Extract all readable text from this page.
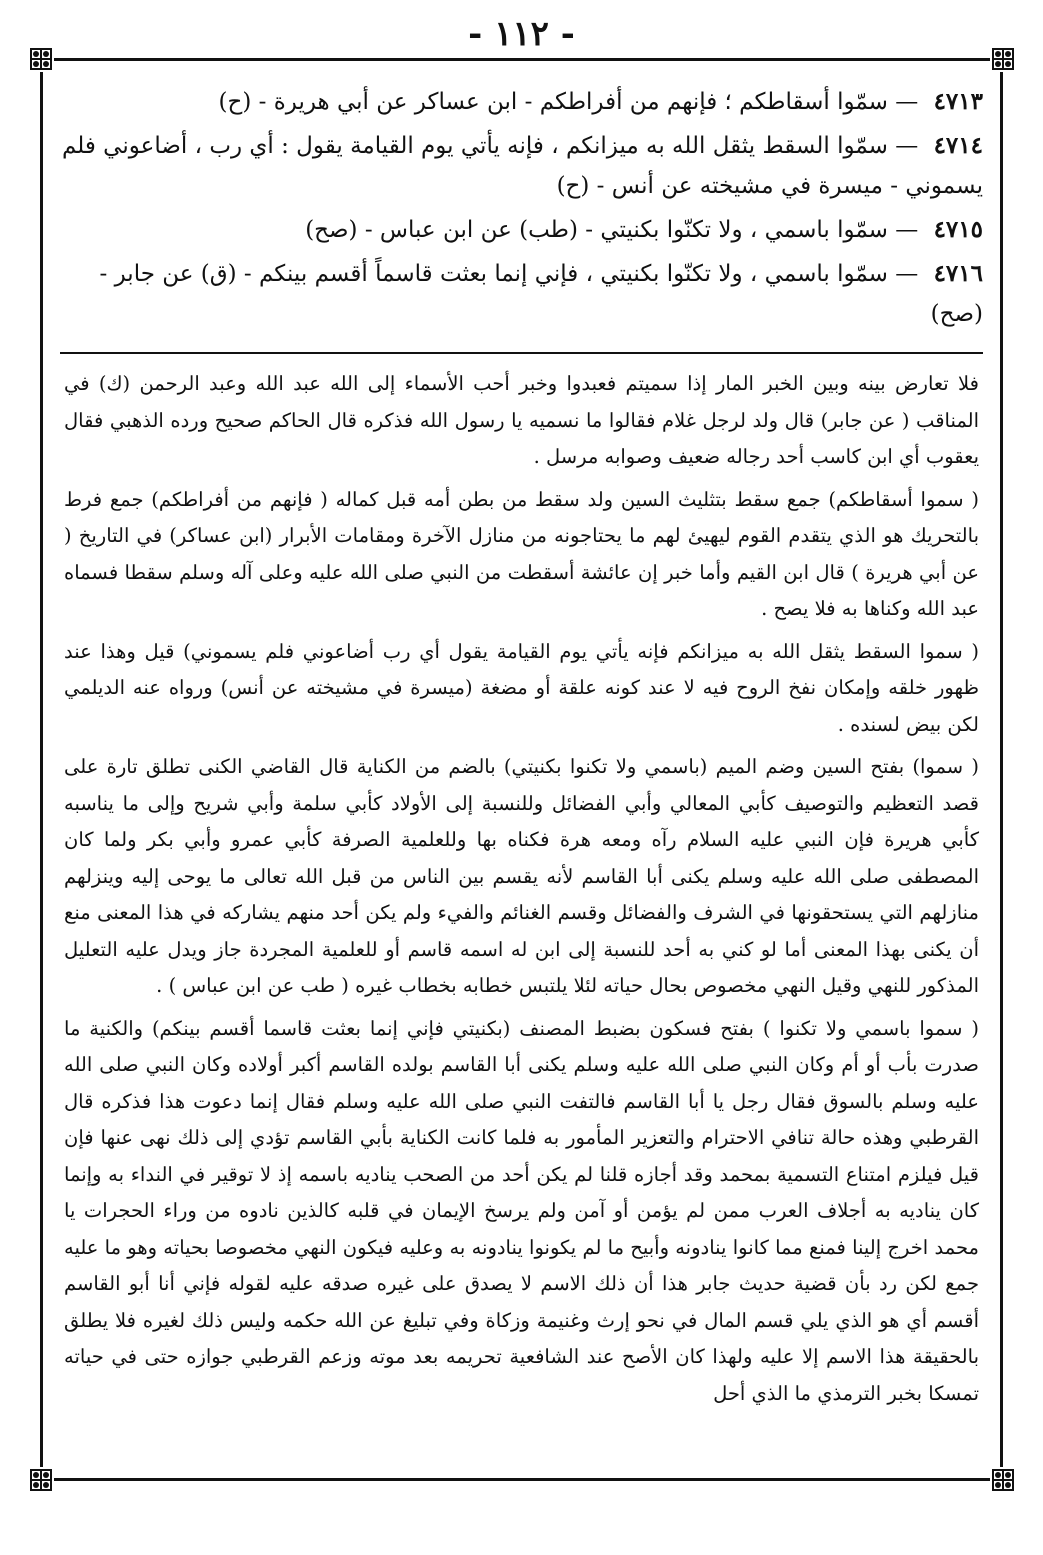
- ١١٢ -

٤٧١٣ — سمّوا أسقاطكم ؛ فإنهم من أفراطكم - ابن عساكر عن أبي هريرة - (ح)

٤٧١٤ — سمّوا السقط يثقل الله به ميزانكم ، فإنه يأتي يوم القيامة يقول : أي رب ، أضاعوني فلم يسموني - ميسرة في مشيخته عن أنس - (ح)

٤٧١٥ — سمّوا باسمي ، ولا تكنّوا بكنيتي - (طب) عن ابن عباس - (صح)

٤٧١٦ — سمّوا باسمي ، ولا تكنّوا بكنيتي ، فإني إنما بعثت قاسماً أقسم بينكم - (ق) عن جابر - (صح)

فلا تعارض بينه وبين الخبر المار إذا سميتم فعبدوا وخبر أحب الأسماء إلى الله عبد الله وعبد الرحمن (ك) في المناقب ( عن جابر) قال ولد لرجل غلام فقالوا ما نسميه يا رسول الله فذكره قال الحاكم صحيح ورده الذهبي فقال يعقوب أي ابن كاسب أحد رجاله ضعيف وصوابه مرسل .

( سموا أسقاطكم) جمع سقط بتثليث السين ولد سقط من بطن أمه قبل كماله ( فإنهم من أفراطكم) جمع فرط بالتحريك هو الذي يتقدم القوم ليهيئ لهم ما يحتاجونه من منازل الآخرة ومقامات الأبرار (ابن عساكر) في التاريخ ( عن أبي هريرة ) قال ابن القيم وأما خبر إن عائشة أسقطت من النبي صلى الله عليه وعلى آله وسلم سقطا فسماه عبد الله وكناها به فلا يصح .

( سموا السقط يثقل الله به ميزانكم فإنه يأتي يوم القيامة يقول أي رب أضاعوني فلم يسموني) قيل وهذا عند ظهور خلقه وإمكان نفخ الروح فيه لا عند كونه علقة أو مضغة (ميسرة في مشيخته عن أنس) ورواه عنه الديلمي لكن بيض لسنده .

( سموا) بفتح السين وضم الميم (باسمي ولا تكنوا بكنيتي) بالضم من الكناية قال القاضي الكنى تطلق تارة على قصد التعظيم والتوصيف كأبي المعالي وأبي الفضائل وللنسبة إلى الأولاد كأبي سلمة وأبي شريح وإلى ما يناسبه كأبي هريرة فإن النبي عليه السلام رآه ومعه هرة فكناه بها وللعلمية الصرفة كأبي عمرو وأبي بكر ولما كان المصطفى صلى الله عليه وسلم يكنى أبا القاسم لأنه يقسم بين الناس من قبل الله تعالى ما يوحى إليه وينزلهم منازلهم التي يستحقونها في الشرف والفضائل وقسم الغنائم والفيء ولم يكن أحد منهم يشاركه في هذا المعنى منع أن يكنى بهذا المعنى أما لو كني به أحد للنسبة إلى ابن له اسمه قاسم أو للعلمية المجردة جاز ويدل عليه التعليل المذكور للنهي وقيل النهي مخصوص بحال حياته لئلا يلتبس خطابه بخطاب غيره ( طب عن ابن عباس ) .

( سموا باسمي ولا تكنوا ) بفتح فسكون بضبط المصنف (بكنيتي فإني إنما بعثت قاسما أقسم بينكم) والكنية ما صدرت بأب أو أم وكان النبي صلى الله عليه وسلم يكنى أبا القاسم بولده القاسم أكبر أولاده وكان النبي صلى الله عليه وسلم بالسوق فقال رجل يا أبا القاسم فالتفت النبي صلى الله عليه وسلم فقال إنما دعوت هذا فذكره قال القرطبي وهذه حالة تنافي الاحترام والتعزير المأمور به فلما كانت الكناية بأبي القاسم تؤدي إلى ذلك نهى عنها فإن قيل فيلزم امتناع التسمية بمحمد وقد أجازه قلنا لم يكن أحد من الصحب يناديه باسمه إذ لا توقير في النداء به وإنما كان يناديه به أجلاف العرب ممن لم يؤمن أو آمن ولم يرسخ الإيمان في قلبه كالذين نادوه من وراء الحجرات يا محمد اخرج إلينا فمنع مما كانوا ينادونه وأبيح ما لم يكونوا ينادونه به وعليه فيكون النهي مخصوصا بحياته وهو ما عليه جمع لكن رد بأن قضية حديث جابر هذا أن ذلك الاسم لا يصدق على غيره صدقه عليه لقوله فإني أنا أبو القاسم أقسم أي هو الذي يلي قسم المال في نحو إرث وغنيمة وزكاة وفي تبليغ عن الله حكمه وليس ذلك لغيره فلا يطلق بالحقيقة هذا الاسم إلا عليه ولهذا كان الأصح عند الشافعية تحريمه بعد موته وزعم القرطبي جوازه حتى في حياته تمسكا بخبر الترمذي ما الذي أحل
